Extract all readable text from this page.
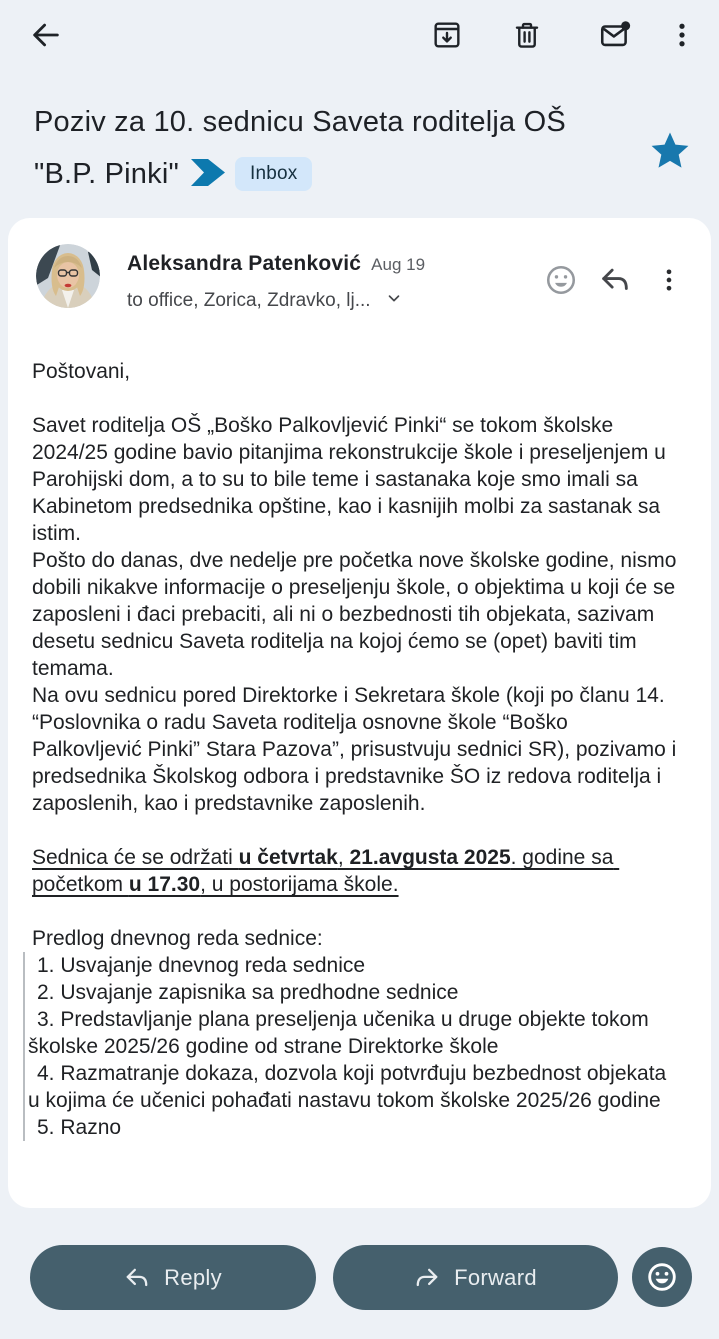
Poziv za 10. sednicu Saveta roditelja OŠ "B.P. Pinki"	Inbox
Aleksandra Patenković Aug 19
to office, Zorica, Zdravko, lj...
Poštovani,
Savet roditelja OŠ „Boško Palkovljević Pinki“ se tokom školske 2024/25 godine bavio pitanjima rekonstrukcije škole i preseljenjem u Parohijski dom, a to su to bile teme i sastanaka koje smo imali sa Kabinetom predsednika opštine, kao i kasnijih molbi za sastanak sa istim.
Pošto do danas, dve nedelje pre početka nove školske godine, nismo dobili nikakve informacije o preseljenju škole, o objektima u koji će se zaposleni i đaci prebaciti, ali ni o bezbednosti tih objekata, sazivam desetu sednicu Saveta roditelja na kojoj ćemo se (opet) baviti tim temama.
Na ovu sednicu pored Direktorke i Sekretara škole (koji po članu 14. “Poslovnika o radu Saveta roditelja osnovne škole “Boško Palkovljević Pinki” Stara Pazova”, prisustvuju sednici SR), pozivamo i predsednika Školskog odbora i predstavnike ŠO iz redova roditelja i zaposlenih, kao i predstavnike zaposlenih.
Sednica će se održati u četvrtak, 21.avgusta 2025. godine sa početkom u 17.30, u postorijama škole.
Predlog dnevnog reda sednice:
1. Usvajanje dnevnog reda sednice
2. Usvajanje zapisnika sa predhodne sednice
3. Predstavljanje plana preseljenja učenika u druge objekte tokom školske 2025/26 godine od strane Direktorke škole
4. Razmatranje dokaza, dozvola koji potvrđuju bezbednost objekata u kojima će učenici pohađati nastavu tokom školske 2025/26 godine
5. Razno
Reply	Forward
